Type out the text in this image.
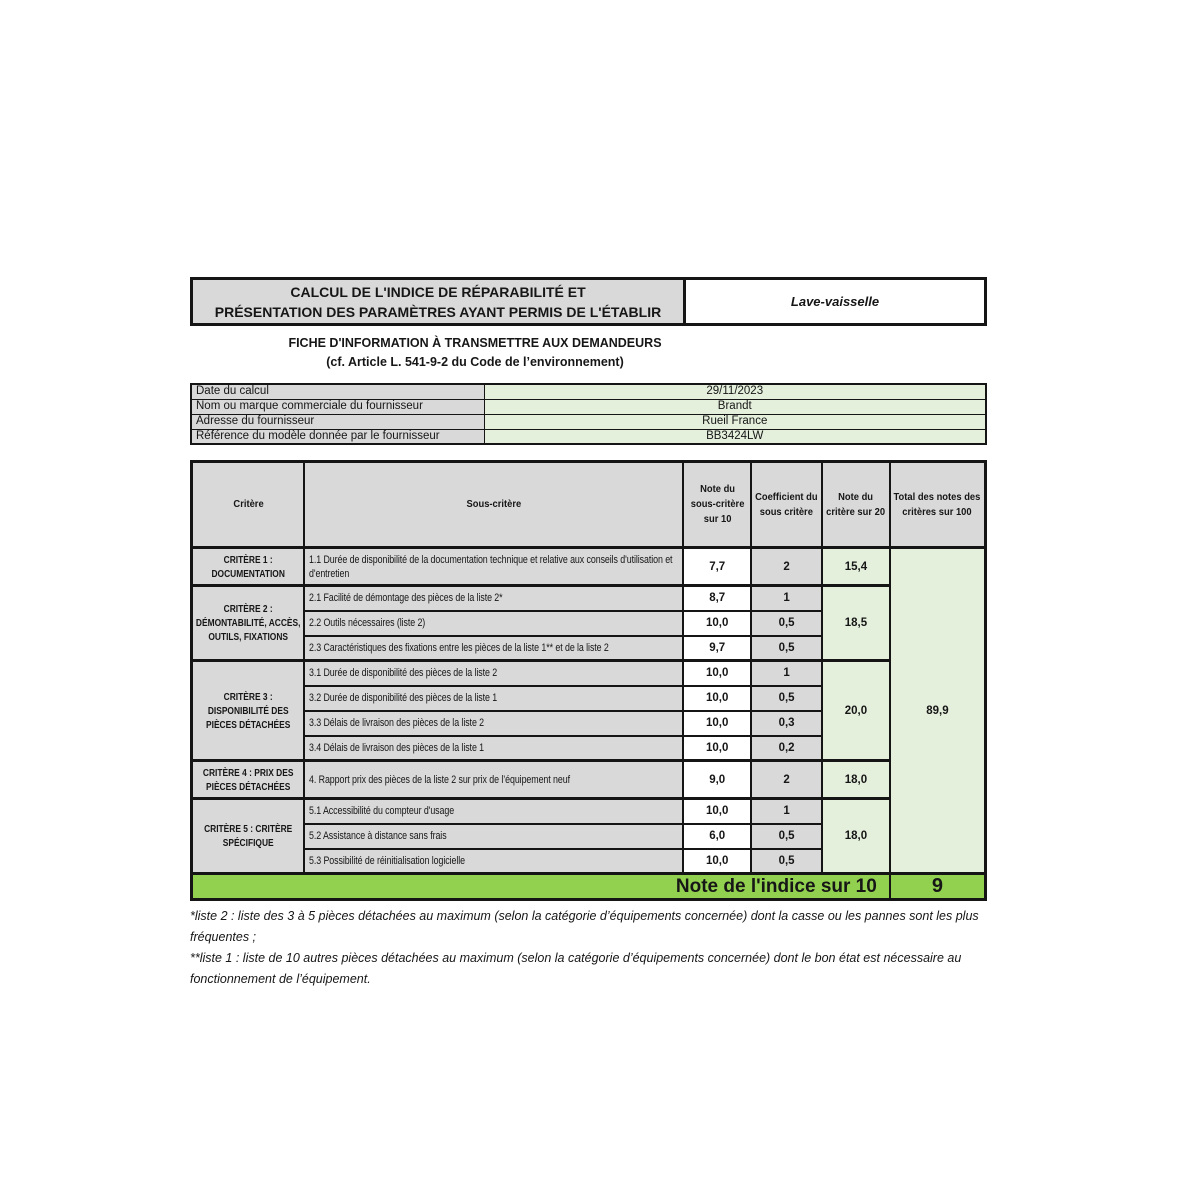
CALCUL DE L'INDICE DE RÉPARABILITÉ ET
PRÉSENTATION DES PARAMÈTRES AYANT PERMIS DE L'ÉTABLIR
Lave-vaisselle
FICHE D'INFORMATION À TRANSMETTRE AUX DEMANDEURS
(cf. Article L. 541-9-2 du Code de l’environnement)
Date du calcul	29/11/2023
Nom ou marque commerciale du fournisseur	Brandt
Adresse du fournisseur	Rueil France
Référence du modèle donnée par le fournisseur	BB3424LW
Critère	Sous-critère	Note du sous-critère sur 10	Coefficient du sous critère	Note du critère sur 20	Total des notes des critères sur 100

CRITÈRE 1 : DOCUMENTATION	1.1 Durée de disponibilité de la documentation technique et relative aux conseils d'utilisation et d'entretien	7,7	2	15,4	89,9

CRITÈRE 2 : DÉMONTABILITÉ, ACCÈS, OUTILS, FIXATIONS	2.1 Facilité de démontage des pièces de la liste 2*	8,7	1	18,5	

	2.2 Outils nécessaires (liste 2)	10,0	0,5		

	2.3 Caractéristiques des fixations entre les pièces de la liste 1** et de la liste 2	9,7	0,5		

CRITÈRE 3 : DISPONIBILITÉ DES PIÈCES DÉTACHÉES	3.1 Durée de disponibilité des pièces de la liste 2	10,0	1	20,0	

	3.2 Durée de disponibilité des pièces de la liste 1	10,0	0,5		

	3.3 Délais de livraison des pièces de la liste 2	10,0	0,3		

	3.4 Délais de livraison des pièces de la liste 1	10,0	0,2		

CRITÈRE 4 : PRIX DES PIÈCES DÉTACHÉES	4. Rapport prix des pièces de la liste 2 sur prix de l’équipement neuf	9,0	2	18,0	

CRITÈRE 5 : CRITÈRE SPÉCIFIQUE	5.1 Accessibilité du compteur d'usage	10,0	1	18,0	

	5.2 Assistance à distance sans frais	6,0	0,5		

	5.3 Possibilité de réinitialisation logicielle	10,0	0,5		
Note de l'indice sur 10					9
*liste 2 : liste des 3 à 5 pièces détachées au maximum (selon la catégorie d’équipements concernée) dont la casse ou les pannes sont les plus fréquentes ;
**liste 1 : liste de 10 autres pièces détachées au maximum (selon la catégorie d’équipements concernée) dont le bon état est nécessaire au fonctionnement de l’équipement.
